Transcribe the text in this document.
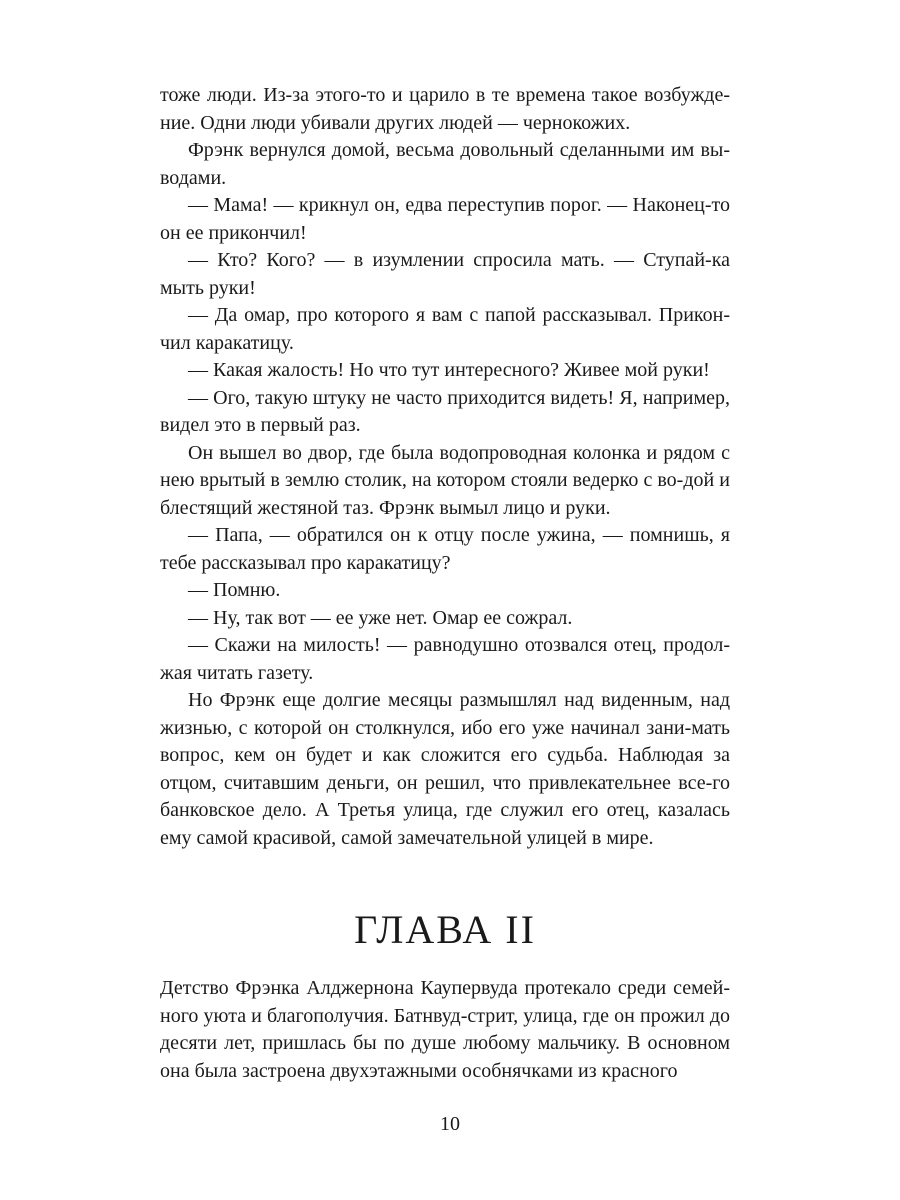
тоже люди. Из-за этого-то и царило в те времена такое возбужде-ние. Одни люди убивали других людей — чернокожих.

Фрэнк вернулся домой, весьма довольный сделанными им вы-водами.

— Мама! — крикнул он, едва переступив порог. — Наконец-то он ее прикончил!

— Кто? Кого? — в изумлении спросила мать. — Ступай-ка мыть руки!

— Да омар, про которого я вам с папой рассказывал. Прикон-чил каракатицу.

— Какая жалость! Но что тут интересного? Живее мой руки!

— Ого, такую штуку не часто приходится видеть! Я, например, видел это в первый раз.

Он вышел во двор, где была водопроводная колонка и рядом с нею врытый в землю столик, на котором стояли ведерко с во-дой и блестящий жестяной таз. Фрэнк вымыл лицо и руки.

— Папа, — обратился он к отцу после ужина, — помнишь, я тебе рассказывал про каракатицу?

— Помню.

— Ну, так вот — ее уже нет. Омар ее сожрал.

— Скажи на милость! — равнодушно отозвался отец, продол-жая читать газету.

Но Фрэнк еще долгие месяцы размышлял над виденным, над жизнью, с которой он столкнулся, ибо его уже начинал зани-мать вопрос, кем он будет и как сложится его судьба. Наблюдая за отцом, считавшим деньги, он решил, что привлекательнее все-го банковское дело. А Третья улица, где служил его отец, казалась ему самой красивой, самой замечательной улицей в мире.

ГЛАВА II

Детство Фрэнка Алджернона Каупервуда протекало среди семей-ного уюта и благополучия. Батнвуд-стрит, улица, где он прожил до десяти лет, пришлась бы по душе любому мальчику. В основном она была застроена двухэтажными особнячками из красного

10
